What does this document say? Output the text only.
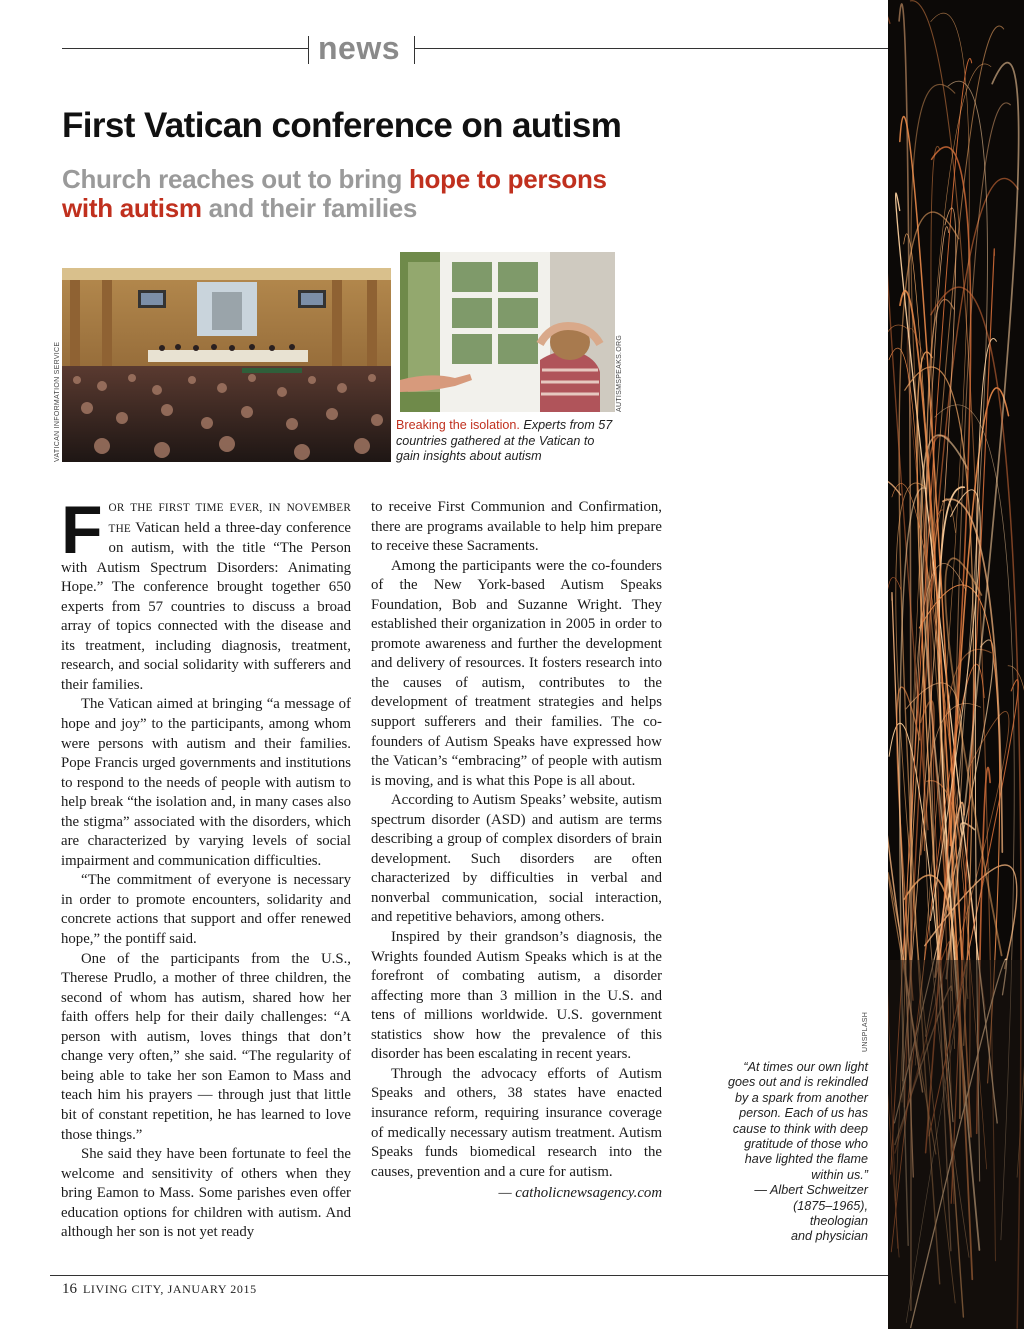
news
First Vatican conference on autism

Church reaches out to bring hope to persons with autism and their families

VATICAN INFORMATION SERVICE	AUTISMSPEAKS.ORG
Breaking the isolation. Experts from 57 countries gathered at the Vatican to gain insights about autism

FOR THE FIRST TIME EVER, IN NOVEMBER THE Vatican held a three-day conference on autism, with the title “The Person with Autism Spectrum Disorders: Animating Hope.” The conference brought together 650 experts from 57 countries to discuss a broad array of topics connected with the disease and its treatment, including diagnosis, treatment, research, and social solidarity with sufferers and their families.

The Vatican aimed at bringing “a message of hope and joy” to the participants, among whom were persons with autism and their families. Pope Francis urged governments and institutions to respond to the needs of people with autism to help break “the isolation and, in many cases also the stigma” associated with the disorders, which are characterized by varying levels of social impairment and communication difficulties.

“The commitment of everyone is necessary in order to promote encounters, solidarity and concrete actions that support and offer renewed hope,” the pontiff said.

One of the participants from the U.S., Therese Prudlo, a mother of three children, the second of whom has autism, shared how her faith offers help for their daily challenges: “A person with autism, loves things that don’t change very often,” she said. “The regularity of being able to take her son Eamon to Mass and teach him his prayers — through just that little bit of constant repetition, he has learned to love those things.”

She said they have been fortunate to feel the welcome and sensitivity of others when they bring Eamon to Mass. Some parishes even offer education options for children with autism. And although her son is not yet ready

to receive First Communion and Confirmation, there are programs available to help him prepare to receive these Sacraments.

Among the participants were the co-founders of the New York-based Autism Speaks Foundation, Bob and Suzanne Wright. They established their organization in 2005 in order to promote awareness and further the development and delivery of resources. It fosters research into the causes of autism, contributes to the development of treatment strategies and helps support sufferers and their families. The co-founders of Autism Speaks have expressed how the Vatican’s “embracing” of people with autism is moving, and is what this Pope is all about.

According to Autism Speaks’ website, autism spectrum disorder (ASD) and autism are terms describing a group of complex disorders of brain development. Such disorders are often characterized by difficulties in verbal and nonverbal communication, social interaction, and repetitive behaviors, among others.

Inspired by their grandson’s diagnosis, the Wrights founded Autism Speaks which is at the forefront of combating autism, a disorder affecting more than 3 million in the U.S. and tens of millions worldwide. U.S. government statistics show how the prevalence of this disorder has been escalating in recent years.

Through the advocacy efforts of Autism Speaks and others, 38 states have enacted insurance reform, requiring insurance coverage of medically necessary autism treatment. Autism Speaks funds biomedical research into the causes, prevention and a cure for autism.

— catholicnewsagency.com
UNSPLASH
“At times our own light goes out and is rekindled by a spark from another person. Each of us has cause to think with deep gratitude of those who have lighted the flame within us.”
— Albert Schweitzer
(1875–1965),
theologian
and physician
16 LIVING CITY, JANUARY 2015
